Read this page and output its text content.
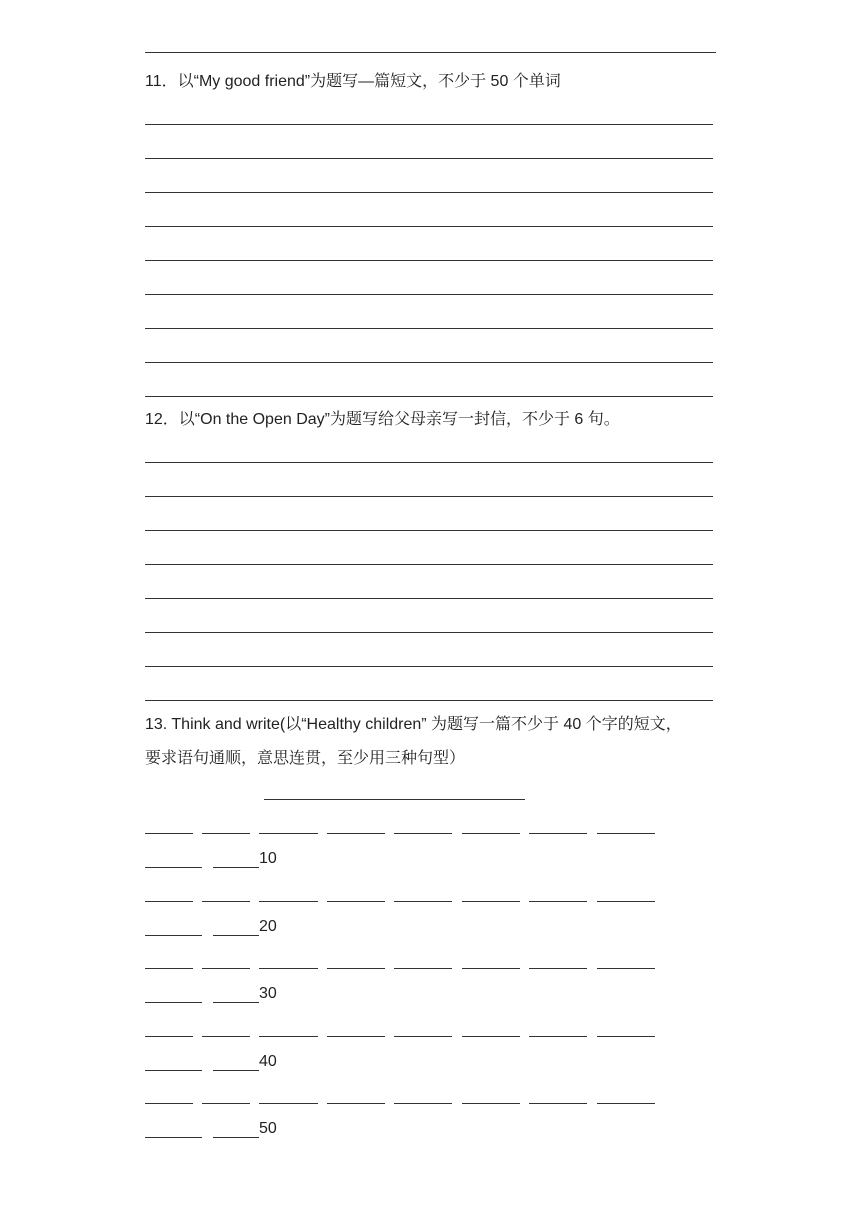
11．以“My good friend”为题写—篇短文，不少于 50 个单词
12．以“On the Open Day”为题写给父母亲写一封信，不少于 6 句。
13. Think and write(以“Healthy children” 为题写一篇不少于 40 个字的短文，
要求语句通顺，意思连贯，至少用三种句型）
10
20
30
40
50
